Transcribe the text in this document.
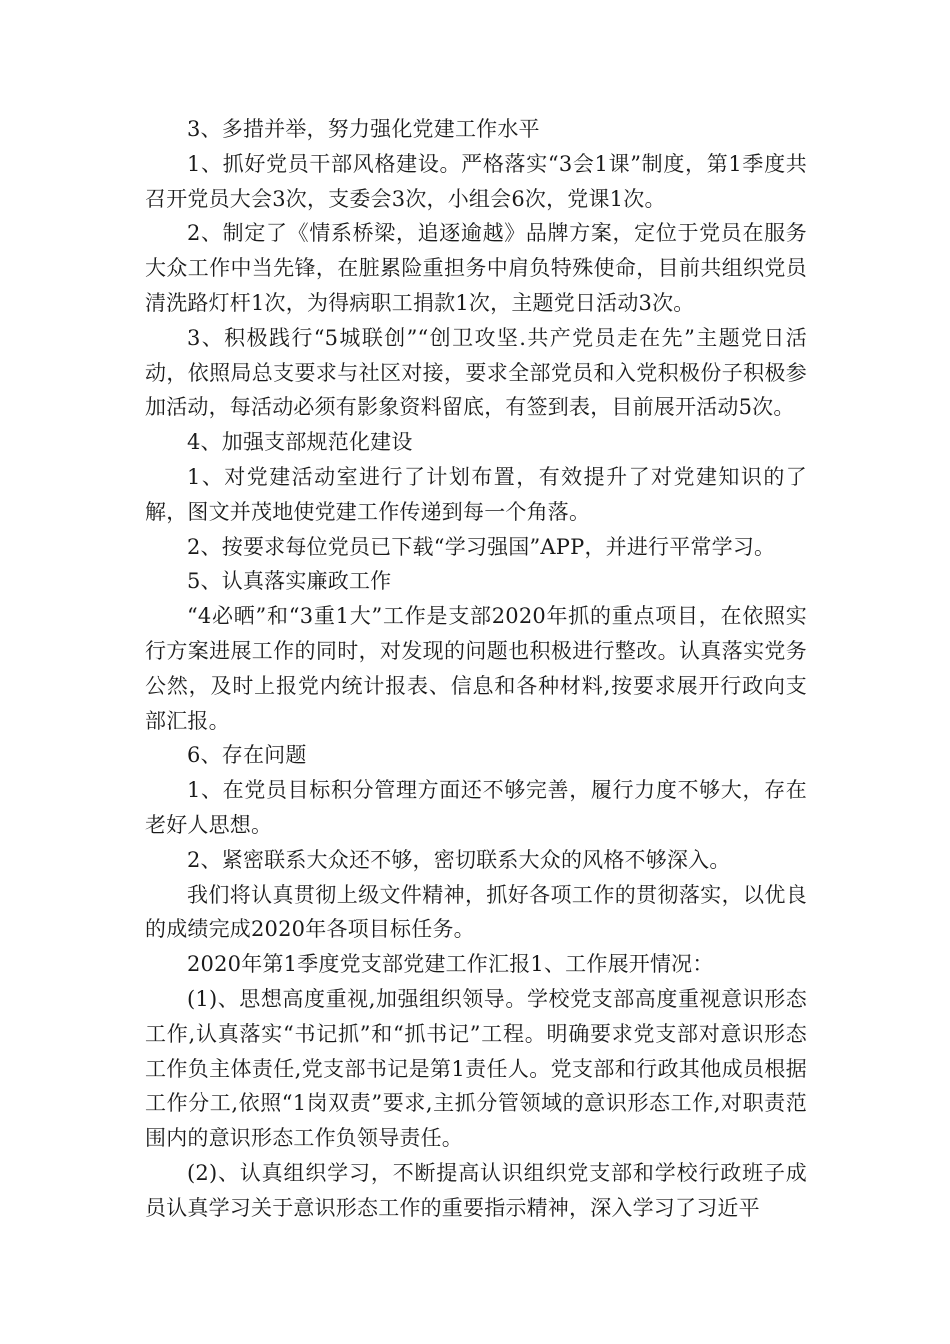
3、多措并举，努力强化党建工作水平

1、抓好党员干部风格建设。严格落实“3会1课”制度，第1季度共召开党员大会3次，支委会3次，小组会6次，党课1次。

2、制定了《情系桥梁，追逐逾越》品牌方案，定位于党员在服务大众工作中当先锋，在脏累险重担务中肩负特殊使命，目前共组织党员清洗路灯杆1次，为得病职工捐款1次，主题党日活动3次。

3、积极践行“5城联创”“创卫攻坚.共产党员走在先”主题党日活动，依照局总支要求与社区对接，要求全部党员和入党积极份子积极参加活动，每活动必须有影象资料留底，有签到表，目前展开活动5次。

4、加强支部规范化建设

1、对党建活动室进行了计划布置，有效提升了对党建知识的了解，图文并茂地使党建工作传递到每一个角落。

2、按要求每位党员已下载“学习强国”APP，并进行平常学习。

5、认真落实廉政工作

“4必晒”和“3重1大”工作是支部2020年抓的重点项目，在依照实行方案进展工作的同时，对发现的问题也积极进行整改。认真落实党务公然，及时上报党内统计报表、信息和各种材料,按要求展开行政向支部汇报。

6、存在问题

1、在党员目标积分管理方面还不够完善，履行力度不够大，存在老好人思想。

2、紧密联系大众还不够，密切联系大众的风格不够深入。

我们将认真贯彻上级文件精神，抓好各项工作的贯彻落实，以优良的成绩完成2020年各项目标任务。

2020年第1季度党支部党建工作汇报1、工作展开情况：

(1)、思想高度重视,加强组织领导。学校党支部高度重视意识形态工作,认真落实“书记抓”和“抓书记”工程。明确要求党支部对意识形态工作负主体责任,党支部书记是第1责任人。党支部和行政其他成员根据工作分工,依照“1岗双责”要求,主抓分管领域的意识形态工作,对职责范围内的意识形态工作负领导责任。

(2)、认真组织学习，不断提高认识组织党支部和学校行政班子成员认真学习关于意识形态工作的重要指示精神，深入学习了习近平
